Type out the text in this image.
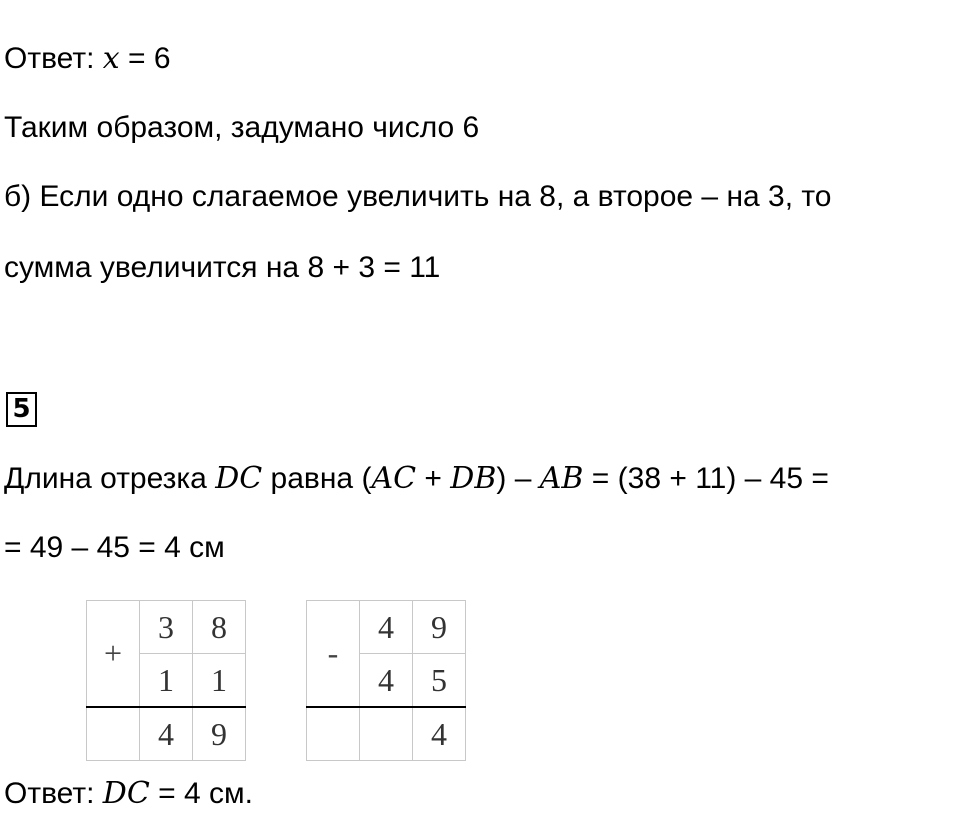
Ответ: x = 6
Таким образом, задумано число 6
б) Если одно слагаемое увеличить на 8, а второе – на 3, то
сумма увеличится на 8 + 3 = 11
5
Длина отрезка DC равна (AC + DB) – AB = (38 + 11) – 45 =
= 49 – 45 = 4 см
+	3	8
	1	1
	4	9
-	4	9
	4	5
		4
Ответ: DC = 4 см.
